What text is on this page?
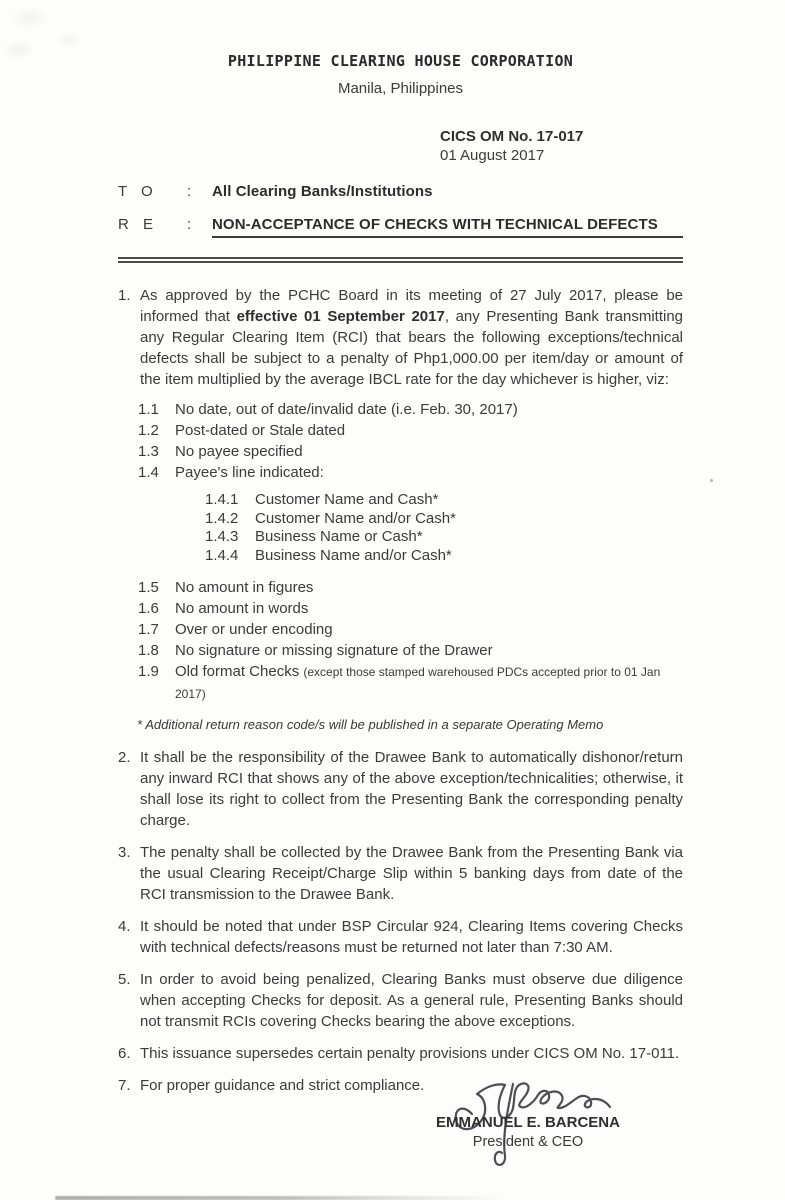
PHILIPPINE CLEARING HOUSE CORPORATION
Manila, Philippines
CICS OM No. 17-017
01 August 2017
T O	: All Clearing Banks/Institutions
R E	: NON-ACCEPTANCE OF CHECKS WITH TECHNICAL DEFECTS
1. As approved by the PCHC Board in its meeting of 27 July 2017, please be informed that effective 01 September 2017, any Presenting Bank transmitting any Regular Clearing Item (RCI) that bears the following exceptions/technical defects shall be subject to a penalty of Php1,000.00 per item/day or amount of the item multiplied by the average IBCL rate for the day whichever is higher, viz:
1.1	No date, out of date/invalid date (i.e. Feb. 30, 2017)
1.2	Post-dated or Stale dated
1.3	No payee specified
1.4	Payee's line indicated:
1.4.1	Customer Name and Cash*
1.4.2	Customer Name and/or Cash*
1.4.3	Business Name or Cash*
1.4.4	Business Name and/or Cash*
1.5	No amount in figures
1.6	No amount in words
1.7	Over or under encoding
1.8	No signature or missing signature of the Drawer
1.9	Old format Checks (except those stamped warehoused PDCs accepted prior to 01 Jan 2017)
* Additional return reason code/s will be published in a separate Operating Memo
2. It shall be the responsibility of the Drawee Bank to automatically dishonor/return any inward RCI that shows any of the above exception/technicalities; otherwise, it shall lose its right to collect from the Presenting Bank the corresponding penalty charge.
3. The penalty shall be collected by the Drawee Bank from the Presenting Bank via the usual Clearing Receipt/Charge Slip within 5 banking days from date of the RCI transmission to the Drawee Bank.
4. It should be noted that under BSP Circular 924, Clearing Items covering Checks with technical defects/reasons must be returned not later than 7:30 AM.
5. In order to avoid being penalized, Clearing Banks must observe due diligence when accepting Checks for deposit. As a general rule, Presenting Banks should not transmit RCIs covering Checks bearing the above exceptions.
6. This issuance supersedes certain penalty provisions under CICS OM No. 17-011.
7. For proper guidance and strict compliance.
EMMANUEL E. BARCENA
President & CEO
